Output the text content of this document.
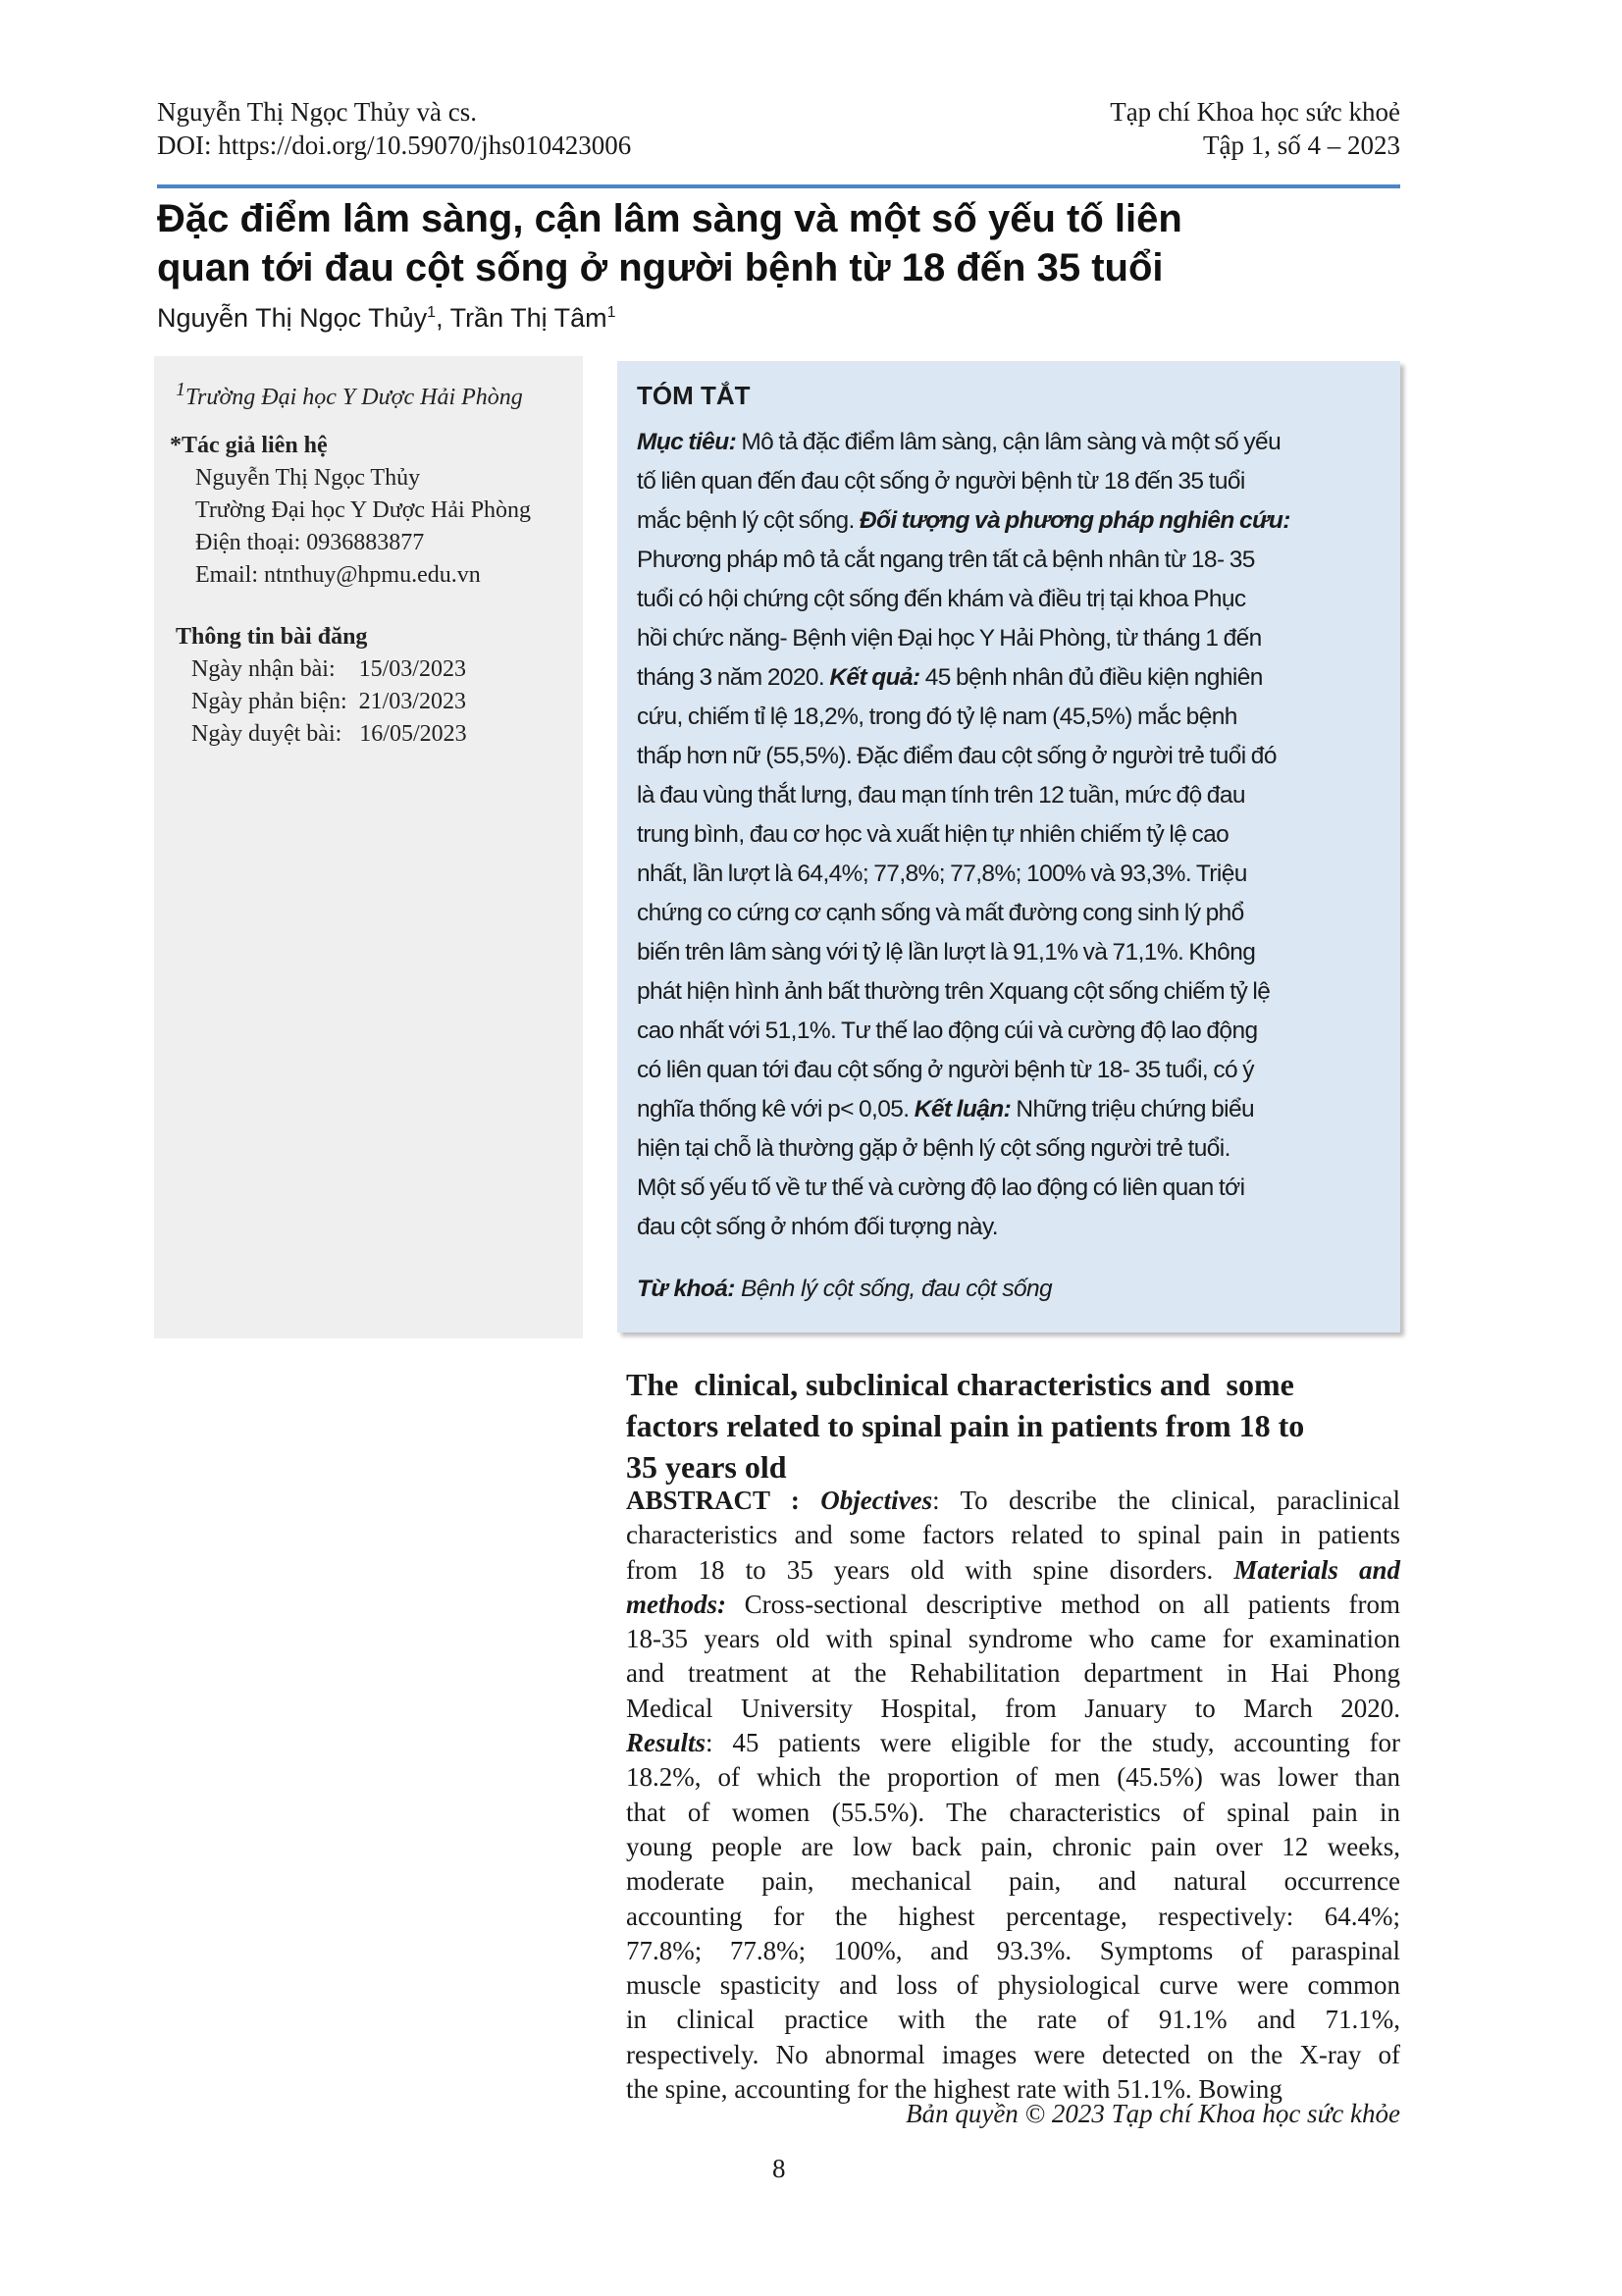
Nguyễn Thị Ngọc Thủy và cs.
DOI: https://doi.org/10.59070/jhs010423006
Tạp chí Khoa học sức khoẻ
Tập 1, số 4 – 2023
Đặc điểm lâm sàng, cận lâm sàng và một số yếu tố liên
quan tới đau cột sống ở người bệnh từ 18 đến 35 tuổi
Nguyễn Thị Ngọc Thủy$^1$, Trần Thị Tâm$^1$
$^1$Trường Đại học Y Dược Hải Phòng
*Tác giả liên hệ
Nguyễn Thị Ngọc Thủy
Trường Đại học Y Dược Hải Phòng
Điện thoại: 0936883877
Email: ntnthuy@hpmu.edu.vn
Thông tin bài đăng
Ngày nhận bài:    15/03/2023
Ngày phản biện:  21/03/2023
Ngày duyệt bài:   16/05/2023
TÓM TẮT
Mục tiêu: Mô tả đặc điểm lâm sàng, cận lâm sàng và một số yếu
tố liên quan đến đau cột sống ở người bệnh từ 18 đến 35 tuổi
mắc bệnh lý cột sống. Đối tượng và phương pháp nghiên cứu:
Phương pháp mô tả cắt ngang trên tất cả bệnh nhân từ 18- 35
tuổi có hội chứng cột sống đến khám và điều trị tại khoa Phục
hồi chức năng- Bệnh viện Đại học Y Hải Phòng, từ tháng 1 đến
tháng 3 năm 2020. Kết quả: 45 bệnh nhân đủ điều kiện nghiên
cứu, chiếm tỉ lệ 18,2%, trong đó tỷ lệ nam (45,5%) mắc bệnh
thấp hơn nữ (55,5%). Đặc điểm đau cột sống ở người trẻ tuổi đó
là đau vùng thắt lưng, đau mạn tính trên 12 tuần, mức độ đau
trung bình, đau cơ học và xuất hiện tự nhiên chiếm tỷ lệ cao
nhất, lần lượt là 64,4%; 77,8%; 77,8%; 100% và 93,3%. Triệu
chứng co cứng cơ cạnh sống và mất đường cong sinh lý phổ
biến trên lâm sàng với tỷ lệ lần lượt là 91,1% và 71,1%. Không
phát hiện hình ảnh bất thường trên Xquang cột sống chiếm tỷ lệ
cao nhất với 51,1%. Tư thế lao động cúi và cường độ lao động
có liên quan tới đau cột sống ở người bệnh từ 18- 35 tuổi, có ý
nghĩa thống kê với p< 0,05. Kết luận: Những triệu chứng biểu
hiện tại chỗ là thường gặp ở bệnh lý cột sống người trẻ tuổi.
Một số yếu tố về tư thế và cường độ lao động có liên quan tới
đau cột sống ở nhóm đối tượng này.
Từ khoá: Bệnh lý cột sống, đau cột sống
The  clinical, subclinical characteristics and  some
factors related to spinal pain in patients from 18 to
35 years old
ABSTRACT : Objectives: To describe the clinical, paraclinical
characteristics and some factors related to spinal pain in patients
from 18 to 35 years old with spine disorders. Materials and
methods: Cross-sectional descriptive method on all patients from
18-35 years old with spinal syndrome who came for examination
and treatment at the Rehabilitation department in Hai Phong
Medical University Hospital, from January to March 2020.
Results: 45 patients were eligible for the study, accounting for
18.2%, of which the proportion of men (45.5%) was lower than
that of women (55.5%). The characteristics of spinal pain in
young people are low back pain, chronic pain over 12 weeks,
moderate pain, mechanical pain, and natural occurrence
accounting for the highest percentage, respectively: 64.4%;
77.8%; 77.8%; 100%, and 93.3%. Symptoms of paraspinal
muscle spasticity and loss of physiological curve were common
in clinical practice with the rate of 91.1% and 71.1%,
respectively. No abnormal images were detected on the X-ray of
the spine, accounting for the highest rate with 51.1%. Bowing
Bản quyền © 2023 Tạp chí Khoa học sức khỏe
8
